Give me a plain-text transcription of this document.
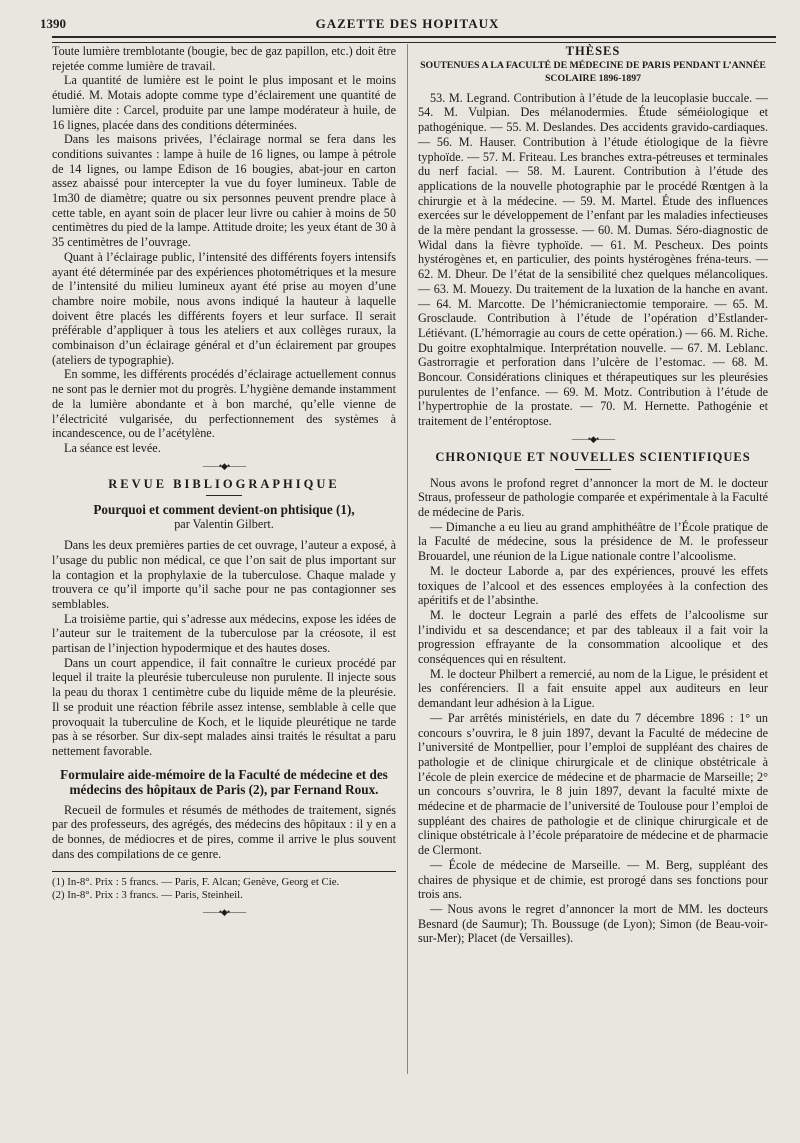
1390	GAZETTE DES HOPITAUX

Toute lumière tremblotante (bougie, bec de gaz papillon, etc.) doit être rejetée comme lumière de travail.

La quantité de lumière est le point le plus imposant et le moins étudié. M. Motais adopte comme type d’éclairement une quantité de lumière dite : Carcel, produite par une lampe modérateur à huile, de 16 lignes, placée dans des conditions déterminées.

Dans les maisons privées, l’éclairage normal se fera dans les conditions suivantes : lampe à huile de 16 lignes, ou lampe à pétrole de 14 lignes, ou lampe Edison de 16 bougies, abat-jour en carton assez abaissé pour intercepter la vue du foyer lumineux. Table de 1m30 de diamètre; quatre ou six personnes peuvent prendre place à cette table, en ayant soin de placer leur livre ou cahier à moins de 50 centimètres du pied de la lampe. Attitude droite; les yeux étant de 30 à 35 centimètres de l’ouvrage.

Quant à l’éclairage public, l’intensité des différents foyers intensifs ayant été déterminée par des expériences photométriques et la mesure de l’intensité du milieu lumineux ayant été prise au moyen d’une chambre noire mobile, nous avons indiqué la hauteur à laquelle doivent être placés les différents foyers et leur surface. Il serait préférable d’appliquer à tous les ateliers et aux collèges ruraux, la combinaison d’un éclairage général et d’un éclairement par groupes (ateliers de typographie).

En somme, les différents procédés d’éclairage actuellement connus ne sont pas le dernier mot du progrès. L’hygiène demande instamment de la lumière abondante et à bon marché, qu’elle vienne de l’électricité vulgarisée, du perfectionnement des systèmes à incandescence, ou de l’acétylène.

La séance est levée.

——•◆•——
REVUE BIBLIOGRAPHIQUE
Pourquoi et comment devient-on phtisique (1),
par Valentin Gilbert.

Dans les deux premières parties de cet ouvrage, l’auteur a exposé, à l’usage du public non médical, ce que l’on sait de plus important sur la contagion et la prophylaxie de la tuberculose. Chaque malade y trouvera ce qu’il importe qu’il sache pour ne pas contagionner ses semblables.

La troisième partie, qui s’adresse aux médecins, expose les idées de l’auteur sur le traitement de la tuberculose par la créosote, il est partisan de l’injection hypodermique et des hautes doses.

Dans un court appendice, il fait connaître le curieux procédé par lequel il traite la pleurésie tuberculeuse non purulente. Il injecte sous la peau du thorax 1 centimètre cube du liquide même de la pleurésie. Il se produit une réaction fébrile assez intense, semblable à celle que provoquait la tuberculine de Koch, et le liquide pleurétique ne tarde pas à se résorber. Sur dix-sept malades ainsi traités le résultat a paru nettement favorable.

Formulaire aide-mémoire de la Faculté de médecine et des médecins des hôpitaux de Paris (2), par Fernand Roux.

Recueil de formules et résumés de méthodes de traitement, signés par des professeurs, des agrégés, des médecins des hôpitaux : il y en a de bonnes, de médiocres et de pires, comme il arrive le plus souvent dans des compilations de ce genre.

(1) In-8°. Prix : 5 francs. — Paris, F. Alcan; Genève, Georg et Cie.
(2) In-8°. Prix : 3 francs. — Paris, Steinheil.
——•◆•——
THÈSES
SOUTENUES A LA FACULTÉ DE MÉDECINE DE PARIS PENDANT L’ANNÉE SCOLAIRE 1896-1897

53. M. Legrand. Contribution à l’étude de la leucoplasie buccale. — 54. M. Vulpian. Des mélanodermies. Étude séméiologique et pathogénique. — 55. M. Deslandes. Des accidents gravido-cardiaques. — 56. M. Hauser. Contribution à l’étude étiologique de la fièvre typhoïde. — 57. M. Friteau. Les branches extra-pétreuses et terminales du nerf facial. — 58. M. Laurent. Contribution à l’étude des applications de la nouvelle photographie par le procédé Rœntgen à la chirurgie et à la médecine. — 59. M. Martel. Étude des influences exercées sur le développement de l’enfant par les maladies infectieuses de la mère pendant la grossesse. — 60. M. Dumas. Séro-diagnostic de Widal dans la fièvre typhoïde. — 61. M. Pescheux. Des points hystérogènes et, en particulier, des points hystérogènes fréna-teurs. — 62. M. Dheur. De l’état de la sensibilité chez quelques mélancoliques. — 63. M. Mouezy. Du traitement de la luxation de la hanche en avant. — 64. M. Marcotte. De l’hémicraniectomie temporaire. — 65. M. Grosclaude. Contribution à l’étude de l’opération d’Estlander-Létiévant. (L’hémorragie au cours de cette opération.) — 66. M. Riche. Du goitre exophtalmique. Interprétation nouvelle. — 67. M. Leblanc. Gastrorragie et perforation dans l’ulcère de l’estomac. — 68. M. Boncour. Considérations cliniques et thérapeutiques sur les pleurésies purulentes de l’enfance. — 69. M. Motz. Contribution à l’étude de l’hypertrophie de la prostate. — 70. M. Hernette. Pathogénie et traitement de l’entéroptose.

——•◆•——
CHRONIQUE ET NOUVELLES SCIENTIFIQUES

Nous avons le profond regret d’annoncer la mort de M. le docteur Straus, professeur de pathologie comparée et expérimentale à la Faculté de médecine de Paris.

— Dimanche a eu lieu au grand amphithéâtre de l’École pratique de la Faculté de médecine, sous la présidence de M. le professeur Brouardel, une réunion de la Ligue nationale contre l’alcoolisme.

M. le docteur Laborde a, par des expériences, prouvé les effets toxiques de l’alcool et des essences employées à la confection des apéritifs et de l’absinthe.

M. le docteur Legrain a parlé des effets de l’alcoolisme sur l’individu et sa descendance; et par des tableaux il a fait voir la progression effrayante de la consommation alcoolique et des conséquences qui en résultent.

M. le docteur Philbert a remercié, au nom de la Ligue, le président et les conférenciers. Il a fait ensuite appel aux auditeurs en leur demandant leur adhésion à la Ligue.

— Par arrêtés ministériels, en date du 7 décembre 1896 : 1° un concours s’ouvrira, le 8 juin 1897, devant la Faculté de médecine de l’université de Montpellier, pour l’emploi de suppléant des chaires de pathologie et de clinique chirurgicale et de clinique obstétricale à l’école de plein exercice de médecine et de pharmacie de Marseille; 2° un concours s’ouvrira, le 8 juin 1897, devant la faculté mixte de médecine et de pharmacie de l’université de Toulouse pour l’emploi de suppléant des chaires de pathologie et de clinique chirurgicale et de clinique obstétricale à l’école préparatoire de médecine et de pharmacie de Clermont.

— École de médecine de Marseille. — M. Berg, suppléant des chaires de physique et de chimie, est prorogé dans ses fonctions pour trois ans.

— Nous avons le regret d’annoncer la mort de MM. les docteurs Besnard (de Saumur); Th. Boussuge (de Lyon); Simon (de Beau-voir-sur-Mer); Placet (de Versailles).
